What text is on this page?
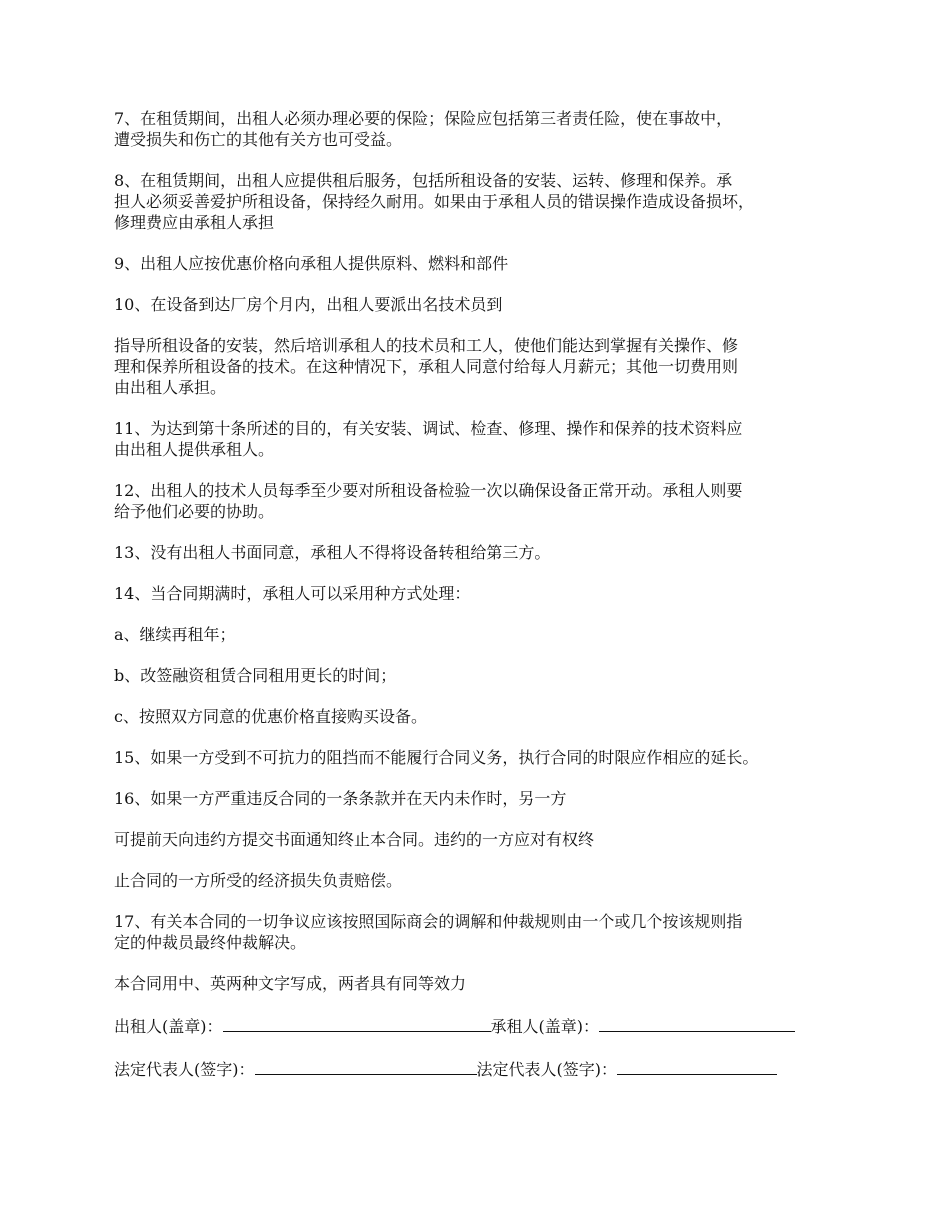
7、在租赁期间，出租人必须办理必要的保险；保险应包括第三者责任险，使在事故中，
遭受损失和伤亡的其他有关方也可受益。

8、在租赁期间，出租人应提供租后服务，包括所租设备的安装、运转、修理和保养。承
担人必须妥善爱护所租设备，保持经久耐用。如果由于承租人员的错误操作造成设备损坏，
修理费应由承租人承担

9、出租人应按优惠价格向承租人提供原料、燃料和部件

10、在设备到达厂房个月内，出租人要派出名技术员到

指导所租设备的安装，然后培训承租人的技术员和工人，使他们能达到掌握有关操作、修
理和保养所租设备的技术。在这种情况下，承租人同意付给每人月薪元；其他一切费用则
由出租人承担。

11、为达到第十条所述的目的，有关安装、调试、检查、修理、操作和保养的技术资料应
由出租人提供承租人。

12、出租人的技术人员每季至少要对所租设备检验一次以确保设备正常开动。承租人则要
给予他们必要的协助。

13、没有出租人书面同意，承租人不得将设备转租给第三方。

14、当合同期满时，承租人可以采用种方式处理：

a、继续再租年；

b、改签融资租赁合同租用更长的时间；

c、按照双方同意的优惠价格直接购买设备。

15、如果一方受到不可抗力的阻挡而不能履行合同义务，执行合同的时限应作相应的延长。

16、如果一方严重违反合同的一条条款并在天内未作时，另一方

可提前天向违约方提交书面通知终止本合同。违约的一方应对有权终

止合同的一方所受的经济损失负责赔偿。

17、有关本合同的一切争议应该按照国际商会的调解和仲裁规则由一个或几个按该规则指
定的仲裁员最终仲裁解决。

本合同用中、英两种文字写成，两者具有同等效力

出租人(盖章)：	承租人(盖章)：
法定代表人(签字)：	法定代表人(签字)：
